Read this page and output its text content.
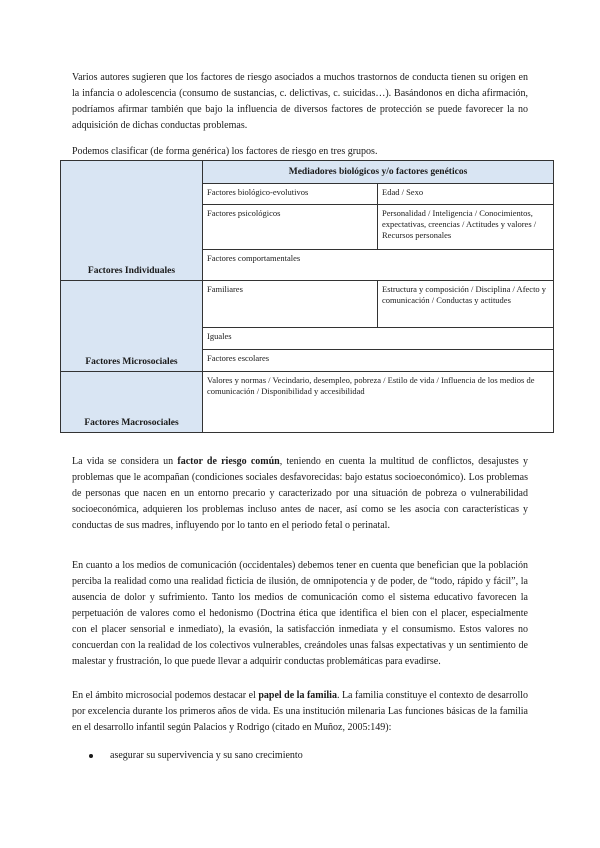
Varios autores sugieren que los factores de riesgo asociados a muchos trastornos de conducta tienen su origen en la infancia o adolescencia (consumo de sustancias, c. delictivas, c. suicidas…). Basándonos en dicha afirmación, podríamos afirmar también que bajo la influencia de diversos factores de protección se puede favorecer la no adquisición de dichas conductas problemas.

Podemos clasificar (de forma genérica) los factores de riesgo en tres grupos.

Factores Individuales	Mediadores biológicos y/o factores genéticos	
	Factores biológico-evolutivos	Edad / Sexo
	Factores psicológicos	Personalidad / Inteligencia / Conocimientos, expectativas, creencias / Actitudes y valores / Recursos personales
	Factores comportamentales	
Factores Microsociales	Familiares	Estructura y composición / Disciplina / Afecto y comunicación / Conductas y actitudes
	Iguales	
	Factores escolares	
Factores Macrosociales	Valores y normas / Vecindario, desempleo, pobreza / Estilo de vida / Influencia de los medios de comunicación / Disponibilidad y accesibilidad	

La vida se considera un factor de riesgo común, teniendo en cuenta la multitud de conflictos, desajustes y problemas que le acompañan (condiciones sociales desfavorecidas: bajo estatus socioeconómico). Los problemas de personas que nacen en un entorno precario y caracterizado por una situación de pobreza o vulnerabilidad socioeconómica, adquieren los problemas incluso antes de nacer, así como se les asocia con características y conductas de sus madres, influyendo por lo tanto en el periodo fetal o perinatal.

En cuanto a los medios de comunicación (occidentales) debemos tener en cuenta que benefician que la población perciba la realidad como una realidad ficticia de ilusión, de omnipotencia y de poder, de “todo, rápido y fácil”, la ausencia de dolor y sufrimiento. Tanto los medios de comunicación como el sistema educativo favorecen la perpetuación de valores como el hedonismo (Doctrina ética que identifica el bien con el placer, especialmente con el placer sensorial e inmediato), la evasión, la satisfacción inmediata y el consumismo. Estos valores no concuerdan con la realidad de los colectivos vulnerables, creándoles unas falsas expectativas y un sentimiento de malestar y frustración, lo que puede llevar a adquirir conductas problemáticas para evadirse.

En el ámbito microsocial podemos destacar el papel de la familia. La familia constituye el contexto de desarrollo por excelencia durante los primeros años de vida. Es una institución milenaria Las funciones básicas de la familia en el desarrollo infantil según Palacios y Rodrigo (citado en Muñoz, 2005:149):

asegurar su supervivencia y su sano crecimiento
